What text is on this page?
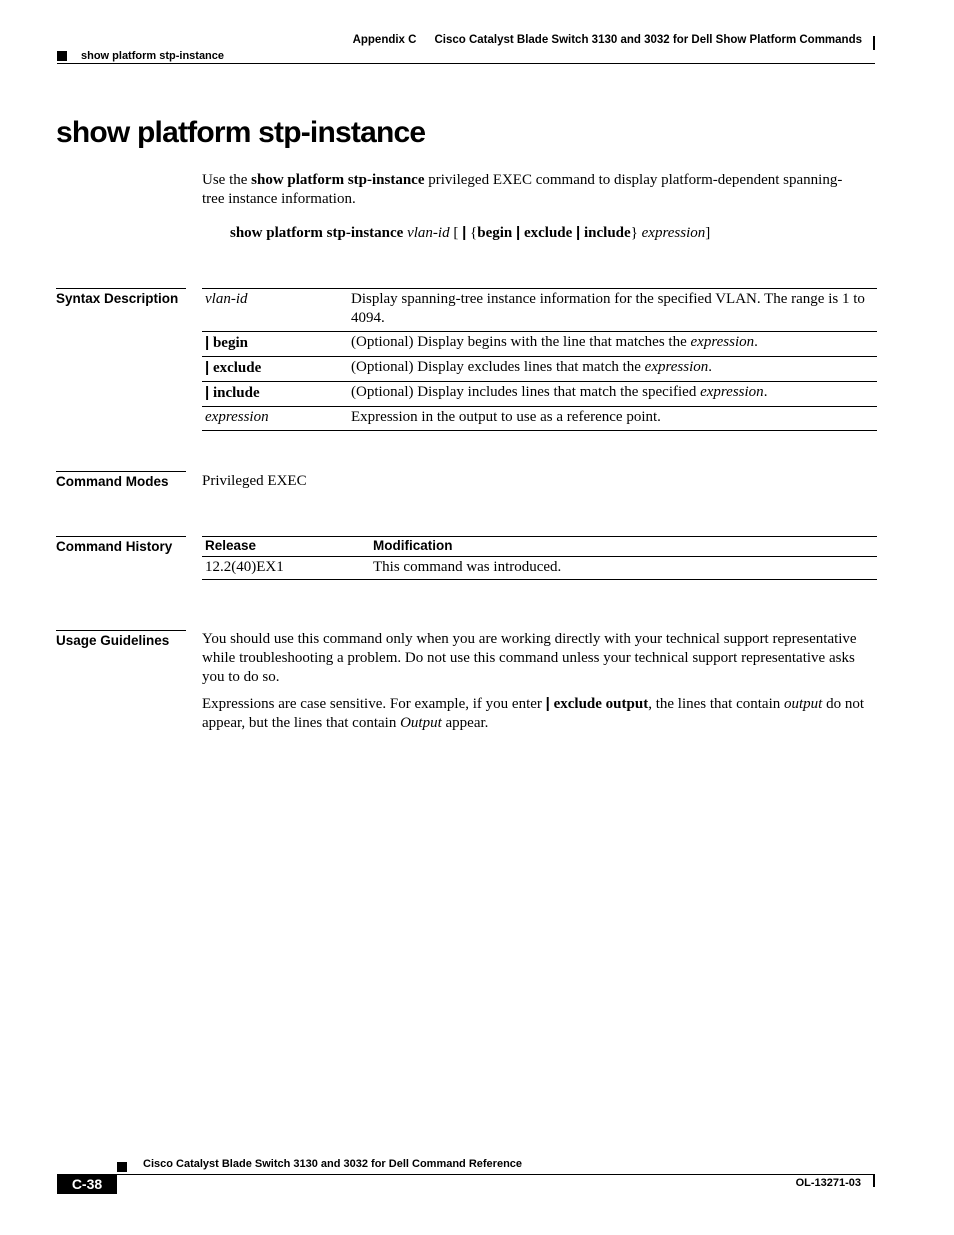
Appendix C Cisco Catalyst Blade Switch 3130 and 3032 for Dell Show Platform Commands
show platform stp-instance
show platform stp-instance
Use the show platform stp-instance privileged EXEC command to display platform-dependent spanning-tree instance information.
show platform stp-instance vlan-id [ | {begin | exclude | include} expression]
Syntax Description	vlan-id	Display spanning-tree instance information for the specified VLAN. The range is 1 to 4094.
| begin	(Optional) Display begins with the line that matches the expression.
| exclude	(Optional) Display excludes lines that match the expression.
| include	(Optional) Display includes lines that match the specified expression.
expression	Expression in the output to use as a reference point.
Command Modes	Privileged EXEC
Command History	Release	Modification
12.2(40)EX1	This command was introduced.
Usage Guidelines	You should use this command only when you are working directly with your technical support representative while troubleshooting a problem. Do not use this command unless your technical support representative asks you to do so.
Expressions are case sensitive. For example, if you enter | exclude output, the lines that contain output do not appear, but the lines that contain Output appear.
Cisco Catalyst Blade Switch 3130 and 3032 for Dell Command Reference
C-38	OL-13271-03
